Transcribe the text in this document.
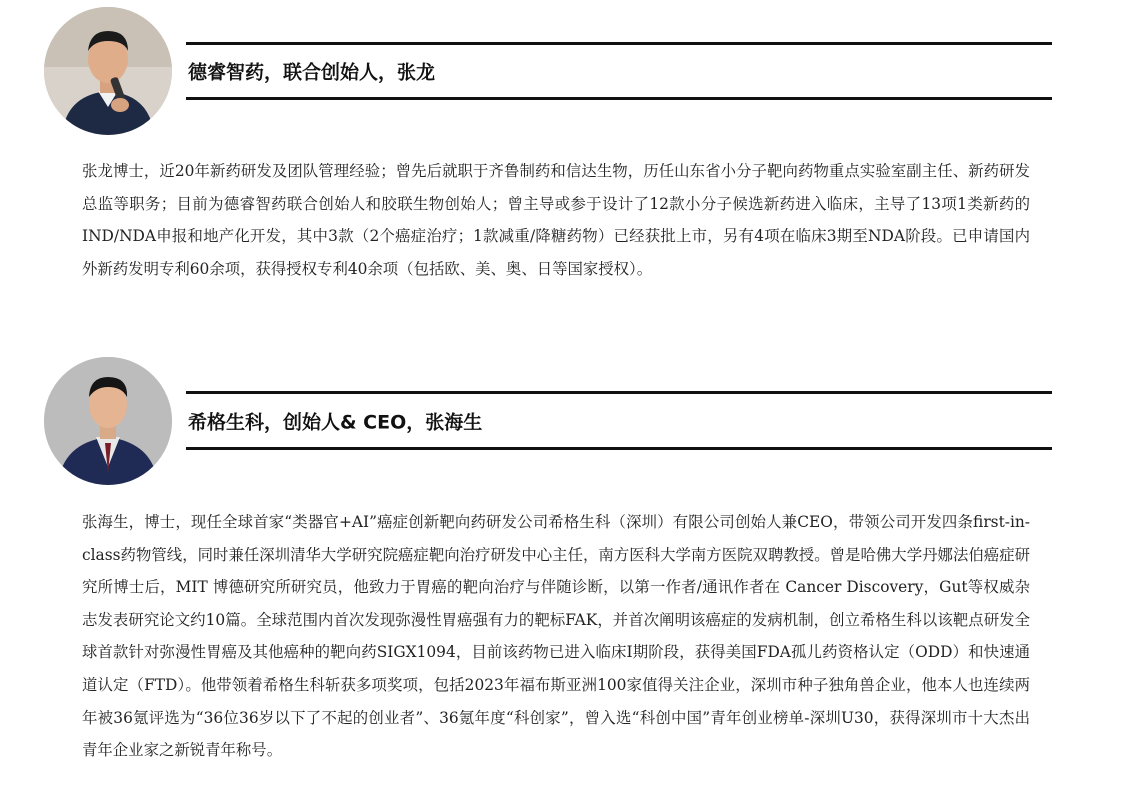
德睿智药，联合创始人，张龙

张龙博士，近20年新药研发及团队管理经验；曾先后就职于齐鲁制药和信达生物，历任山东省小分子靶向药物重点实验室副主任、新药研发总监等职务；目前为德睿智药联合创始人和胶联生物创始人；曾主导或参于设计了12款小分子候选新药进入临床，主导了13项1类新药的IND/NDA申报和地产化开发，其中3款（2个癌症治疗；1款减重/降糖药物）已经获批上市，另有4项在临床3期至NDA阶段。已申请国内外新药发明专利60余项，获得授权专利40余项（包括欧、美、奥、日等国家授权）。

希格生科，创始人& CEO，张海生

张海生，博士，现任全球首家“类器官+AI”癌症创新靶向药研发公司希格生科（深圳）有限公司创始人兼CEO，带领公司开发四条first-in-class药物管线，同时兼任深圳清华大学研究院癌症靶向治疗研发中心主任，南方医科大学南方医院双聘教授。曾是哈佛大学丹娜法伯癌症研究所博士后，MIT 博德研究所研究员，他致力于胃癌的靶向治疗与伴随诊断，以第一作者/通讯作者在 Cancer Discovery，Gut等权威杂志发表研究论文约10篇。全球范围内首次发现弥漫性胃癌强有力的靶标FAK，并首次阐明该癌症的发病机制，创立希格生科以该靶点研发全球首款针对弥漫性胃癌及其他癌种的靶向药SIGX1094，目前该药物已进入临床I期阶段，获得美国FDA孤儿药资格认定（ODD）和快速通道认定（FTD）。他带领着希格生科斩获多项奖项，包括2023年福布斯亚洲100家值得关注企业，深圳市种子独角兽企业，他本人也连续两年被36氪评选为“36位36岁以下了不起的创业者”、36氪年度“科创家”，曾入选“科创中国”青年创业榜单-深圳U30，获得深圳市十大杰出青年企业家之新锐青年称号。
